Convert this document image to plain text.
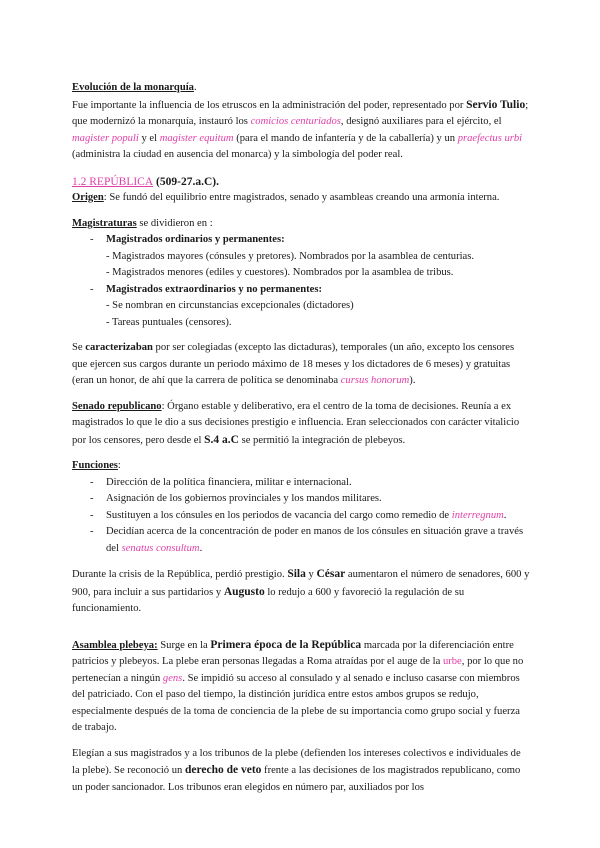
Evolución de la monarquía.
Fue importante la influencia de los etruscos en la administración del poder, representado por Servio Tulio; que modernizó la monarquía, instauró los comicios centuriados, designó auxiliares para el ejército, el magister populi y el magister equitum (para el mando de infantería y de la caballería) y un praefectus urbi (administra la ciudad en ausencia del monarca) y la simbología del poder real.

1.2 REPÚBLICA (509-27.a.C).

Origen: Se fundó del equilibrio entre magistrados, senado y asambleas creando una armonía interna.

Magistraturas se dividieron en :

- Magistrados ordinarios y permanentes:

- Magistrados mayores (cónsules y pretores). Nombrados por la asamblea de centurias.

- Magistrados menores (ediles y cuestores). Nombrados por la asamblea de tribus.

- Magistrados extraordinarios y no permanentes:

- Se nombran en circunstancias excepcionales (dictadores)

- Tareas puntuales (censores).

Se caracterizaban por ser colegiadas (excepto las dictaduras), temporales (un año, excepto los censores que ejercen sus cargos durante un periodo máximo de 18 meses y los dictadores de 6 meses) y gratuitas (eran un honor, de ahí que la carrera de política se denominaba cursus honorum).

Senado republicano: Órgano estable y deliberativo, era el centro de la toma de decisiones. Reunía a ex magistrados lo que le dio a sus decisiones prestigio e influencia. Eran seleccionados con carácter vitalicio por los censores, pero desde el S.4 a.C se permitió la integración de plebeyos.

Funciones:

- Dirección de la política financiera, militar e internacional.
- Asignación de los gobiernos provinciales y los mandos militares.
- Sustituyen a los cónsules en los periodos de vacancia del cargo como remedio de interregnum.
- Decidían acerca de la concentración de poder en manos de los cónsules en situación grave a través del senatus consultum.

Durante la crisis de la República, perdió prestigio. Sila y César aumentaron el número de senadores, 600 y 900, para incluir a sus partidarios y Augusto lo redujo a 600 y favoreció la regulación de su funcionamiento.

Asamblea plebeya: Surge en la Primera época de la República marcada por la diferenciación entre patricios y plebeyos. La plebe eran personas llegadas a Roma atraídas por el auge de la urbe, por lo que no pertenecían a ningún gens. Se impidió su acceso al consulado y al senado e incluso casarse con miembros del patriciado. Con el paso del tiempo, la distinción jurídica entre estos ambos grupos se redujo, especialmente después de la toma de conciencia de la plebe de su importancia como grupo social y fuerza de trabajo.

Elegían a sus magistrados y a los tribunos de la plebe (defienden los intereses colectivos e individuales de la plebe). Se reconoció un derecho de veto frente a las decisiones de los magistrados republicano, como un poder sancionador. Los tribunos eran elegidos en número par, auxiliados por los
